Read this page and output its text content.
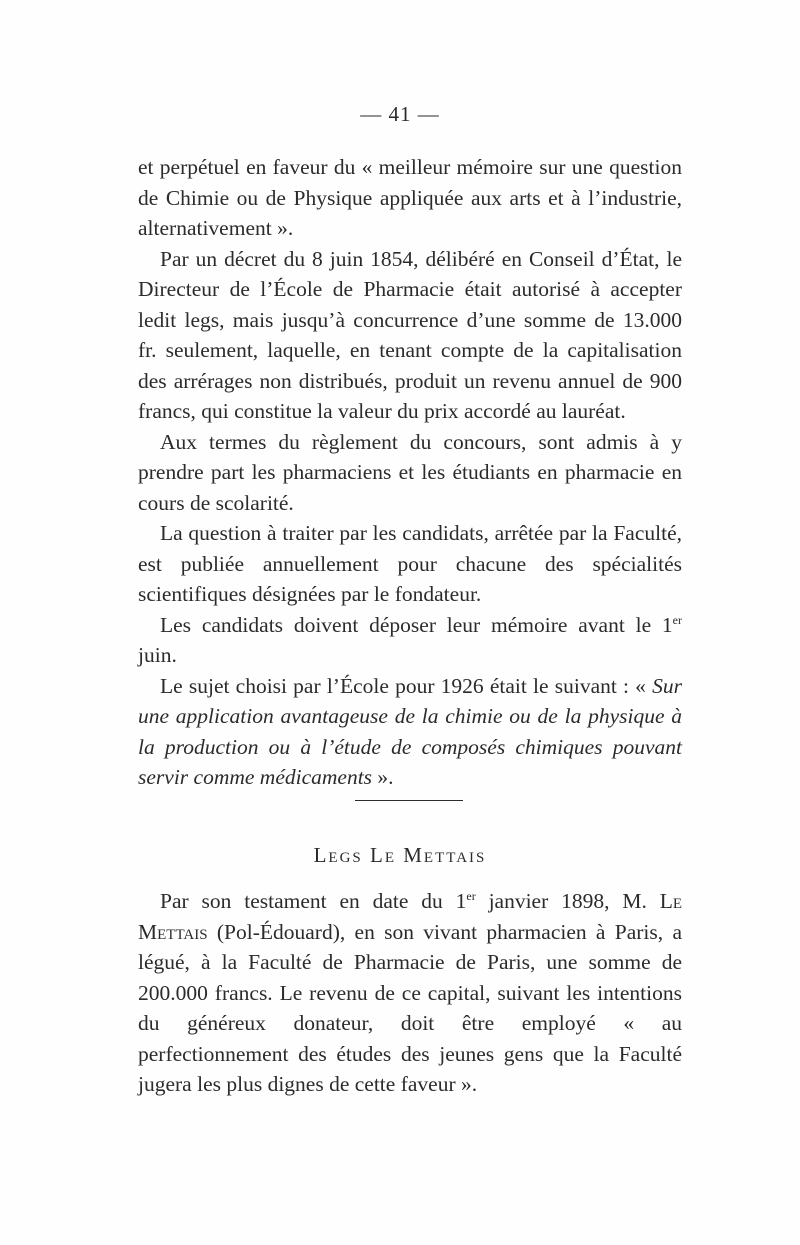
— 41 —

et perpétuel en faveur du « meilleur mémoire sur une question de Chimie ou de Physique appliquée aux arts et à l’industrie, alternativement ».

Par un décret du 8 juin 1854, délibéré en Conseil d’État, le Directeur de l’École de Pharmacie était autorisé à accepter ledit legs, mais jusqu’à concurrence d’une somme de 13.000 fr. seulement, laquelle, en tenant compte de la capitalisation des arrérages non distribués, produit un revenu annuel de 900 francs, qui constitue la valeur du prix accordé au lauréat.

Aux termes du règlement du concours, sont admis à y prendre part les pharmaciens et les étudiants en pharmacie en cours de scolarité.

La question à traiter par les candidats, arrêtée par la Faculté, est publiée annuellement pour chacune des spécialités scientifiques désignées par le fondateur.

Les candidats doivent déposer leur mémoire avant le 1er juin.

Le sujet choisi par l’École pour 1926 était le suivant : « Sur une application avantageuse de la chimie ou de la physique à la production ou à l’étude de composés chimiques pouvant servir comme médicaments ».

Legs Le Mettais

Par son testament en date du 1er janvier 1898, M. Le Mettais (Pol-Édouard), en son vivant pharmacien à Paris, a légué, à la Faculté de Pharmacie de Paris, une somme de 200.000 francs. Le revenu de ce capital, suivant les intentions du généreux donateur, doit être employé « au perfectionnement des études des jeunes gens que la Faculté jugera les plus dignes de cette faveur ».
